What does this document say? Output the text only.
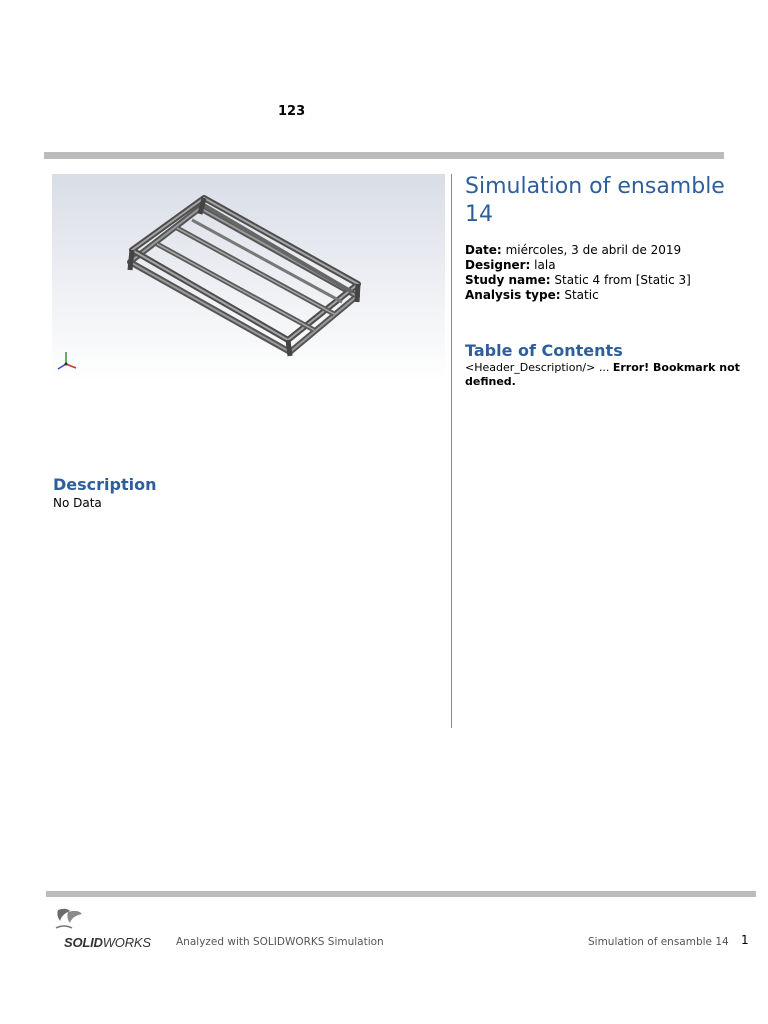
123
Simulation of ensamble 14
Date: miércoles, 3 de abril de 2019
Designer: lala
Study name: Static 4 from [Static 3]
Analysis type: Static
Table of Contents
<Header_Description/> ... Error! Bookmark not defined.
Description
No Data
SOLIDWORKS Analyzed with SOLIDWORKS Simulation	Simulation of ensamble 14 1
